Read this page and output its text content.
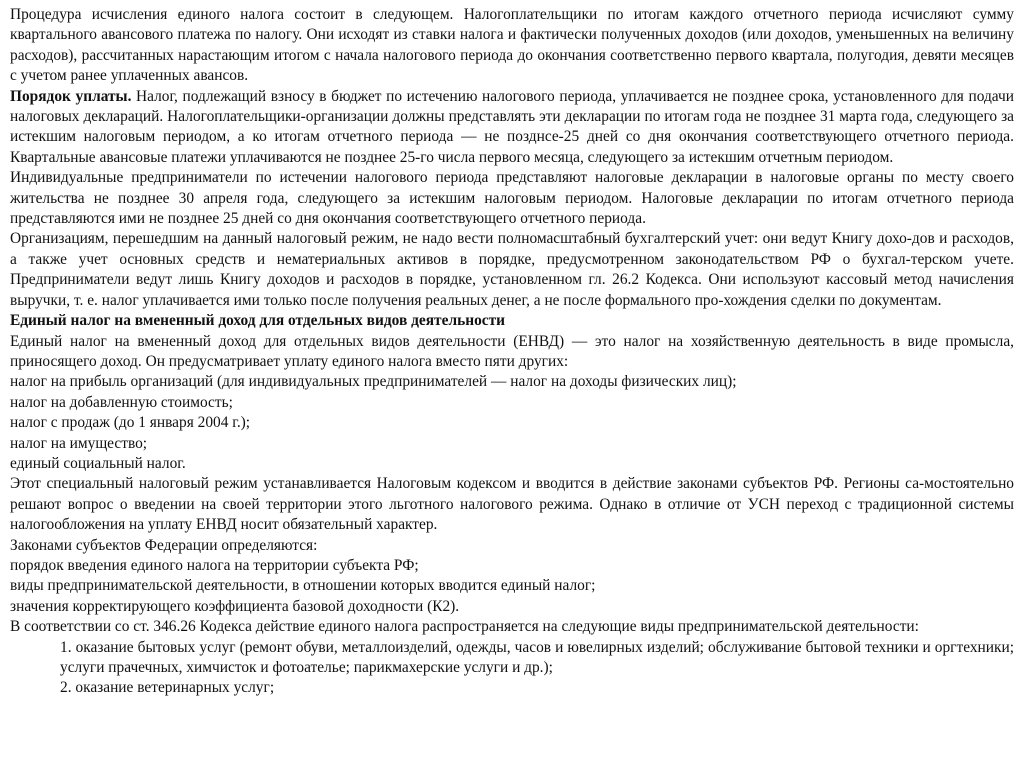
Процедура исчисления единого налога состоит в следующем. Налогоплательщики по итогам каждого отчетного периода исчисляют сумму квартального авансового платежа по налогу. Они исходят из ставки налога и фактически полученных доходов (или доходов, уменьшенных на величину расходов), рассчитанных нарастающим итогом с начала налогового периода до окончания соответственно первого квартала, полугодия, девяти месяцев с учетом ранее уплаченных авансов.

Порядок уплаты. Налог, подлежащий взносу в бюджет по истечению налогового периода, уплачивается не позднее срока, установленного для подачи налоговых деклараций. Налогоплательщики-организации должны представлять эти декларации по итогам года не позднее 31 марта года, следующего за истекшим налоговым периодом, а ко итогам отчетного периода — не позднсе-25 дней со дня окончания соответствующего отчетного периода. Квартальные авансовые платежи уплачиваются не позднее 25-го числа первого месяца, следующего за истекшим отчетным периодом.

Индивидуальные предприниматели по истечении налогового периода представляют налоговые декларации в налоговые органы по месту своего жительства не позднее 30 апреля года, следующего за истекшим налоговым периодом. Налоговые декларации по итогам отчетного периода представляются ими не позднее 25 дней со дня окончания соответствующего отчетного периода.

Организациям, перешедшим на данный налоговый режим, не надо вести полномасштабный бухгалтерский учет: они ведут Книгу дохо-дов и расходов, а также учет основных средств и нематериальных активов в порядке, предусмотренном законодательством РФ о бухгал-терском учете. Предприниматели ведут лишь Книгу доходов и расходов в порядке, установленном гл. 26.2 Кодекса. Они используют кассовый метод начисления выручки, т. е. налог уплачивается ими только после получения реальных денег, а не после формального про-хождения сделки по документам.

Единый налог на вмененный доход для отдельных видов деятельности

Единый налог на вмененный доход для отдельных видов деятельности (ЕНВД) — это налог на хозяйственную деятельность в виде промысла, приносящего доход. Он предусматривает уплату единого налога вместо пяти других:

налог на прибыль организаций (для индивидуальных предпринимателей — налог на доходы физических лиц);

налог на добавленную стоимость;

налог с продаж (до 1 января 2004 г.);

налог на имущество;

единый социальный налог.

Этот специальный налоговый режим устанавливается Налоговым кодексом и вводится в действие законами субъектов РФ. Регионы са-мостоятельно решают вопрос о введении на своей территории этого льготного налогового режима. Однако в отличие от УСН переход с традиционной системы налогообложения на уплату ЕНВД носит обязательный характер.

Законами субъектов Федерации определяются:

порядок введения единого налога на территории субъекта РФ;

виды предпринимательской деятельности, в отношении которых вводится единый налог;

значения корректирующего коэффициента базовой доходности (К2).

В соответствии со ст. 346.26 Кодекса действие единого налога распространяется на следующие виды предпринимательской деятельности:

1. оказание бытовых услуг (ремонт обуви, металлоизделий, одежды, часов и ювелирных изделий; обслуживание бытовой техники и оргтехники; услуги прачечных, химчисток и фотоателье; парикмахерские услуги и др.);

2. оказание ветеринарных услуг;
